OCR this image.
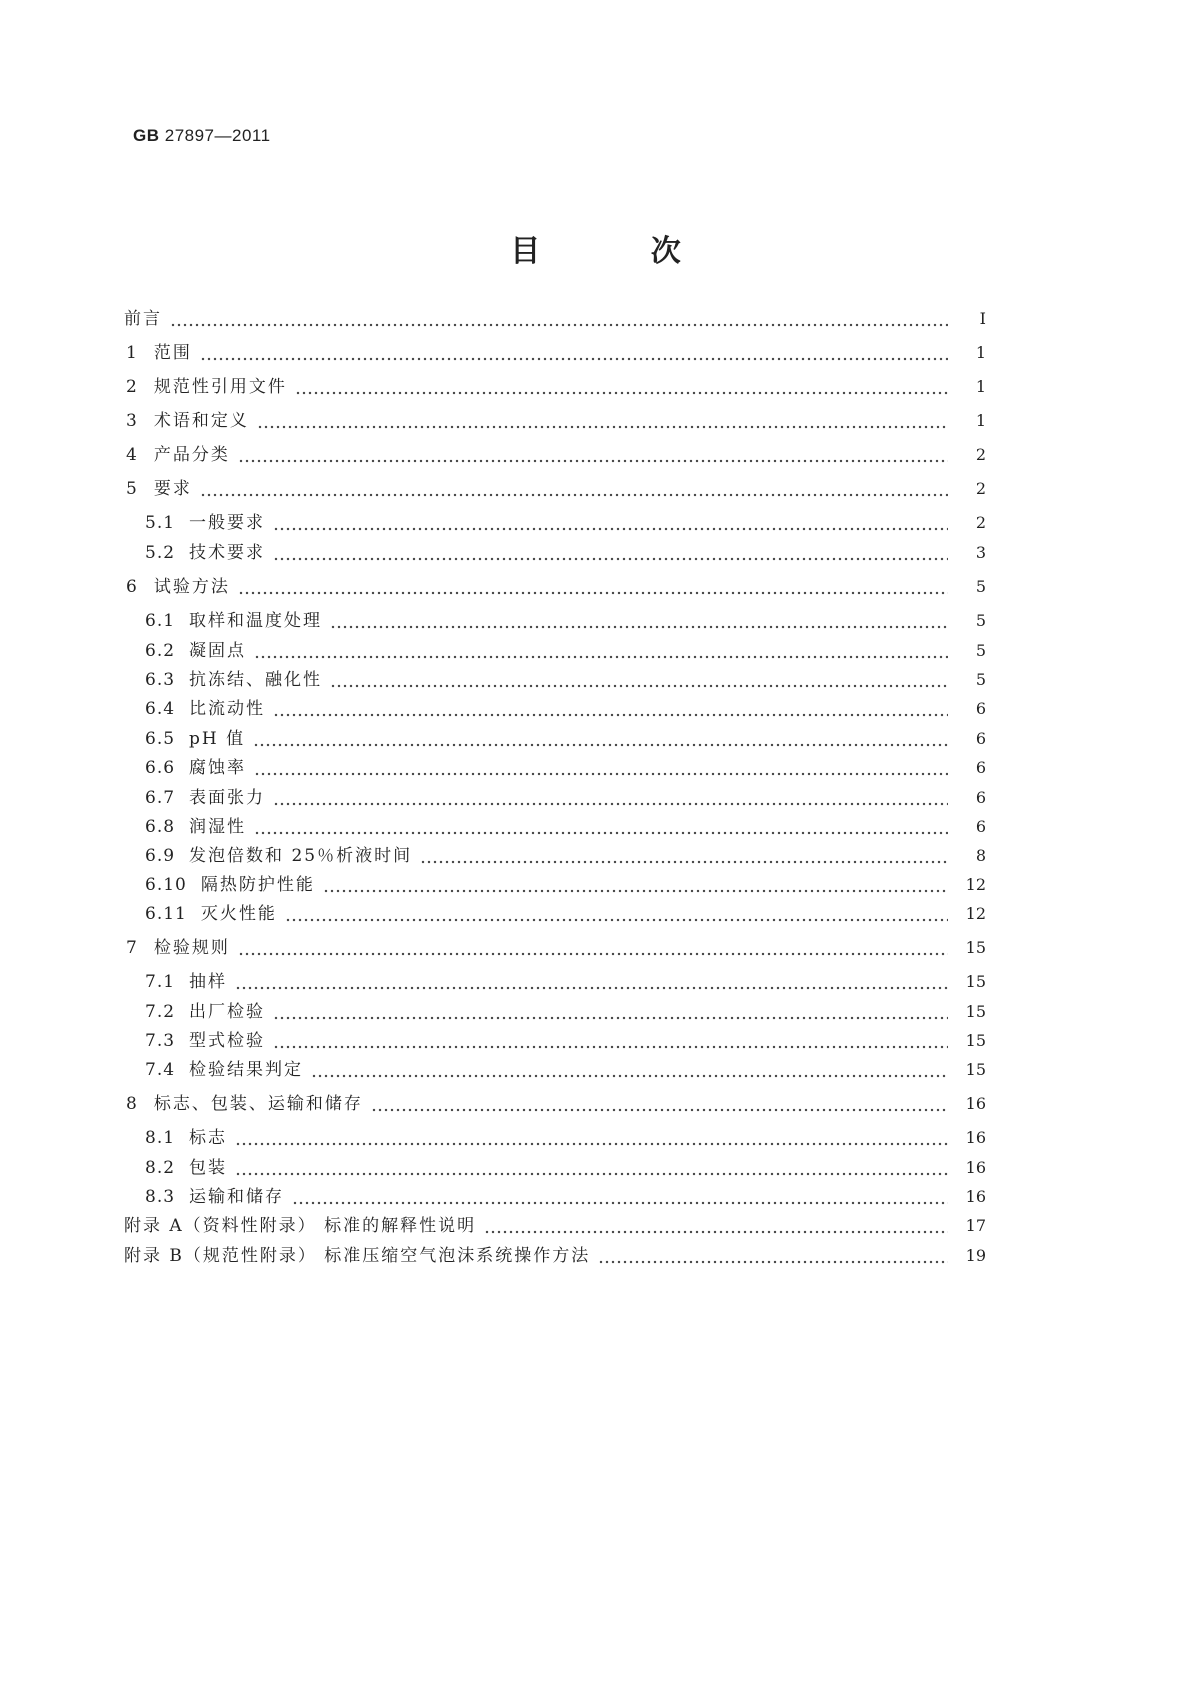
GB 27897—2011
目 次
前言	Ⅰ
1 范围	1
2 规范性引用文件	1
3 术语和定义	1
4 产品分类	2
5 要求	2
5.1 一般要求	2
5.2 技术要求	3
6 试验方法	5
6.1 取样和温度处理	5
6.2 凝固点	5
6.3 抗冻结、融化性	5
6.4 比流动性	6
6.5 pH 值	6
6.6 腐蚀率	6
6.7 表面张力	6
6.8 润湿性	6
6.9 发泡倍数和 25％析液时间	8
6.10 隔热防护性能	12
6.11 灭火性能	12
7 检验规则	15
7.1 抽样	15
7.2 出厂检验	15
7.3 型式检验	15
7.4 检验结果判定	15
8 标志、包装、运输和储存	16
8.1 标志	16
8.2 包装	16
8.3 运输和储存	16
附录 A（资料性附录） 标准的解释性说明	17
附录 B（规范性附录） 标准压缩空气泡沫系统操作方法	19
